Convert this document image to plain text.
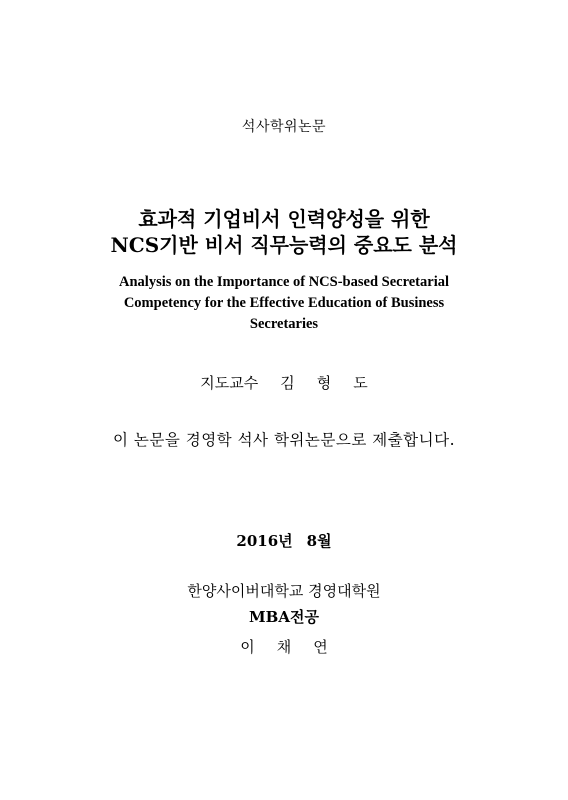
석사학위논문
효과적 기업비서 인력양성을 위한
NCS기반 비서 직무능력의 중요도 분석
Analysis on the Importance of NCS-based Secretarial
Competency for the Effective Education of Business
Secretaries
지도교수 김 형 도
이 논문을 경영학 석사 학위논문으로 제출합니다.
2016년 8월
한양사이버대학교 경영대학원
MBA전공
이 채 연
